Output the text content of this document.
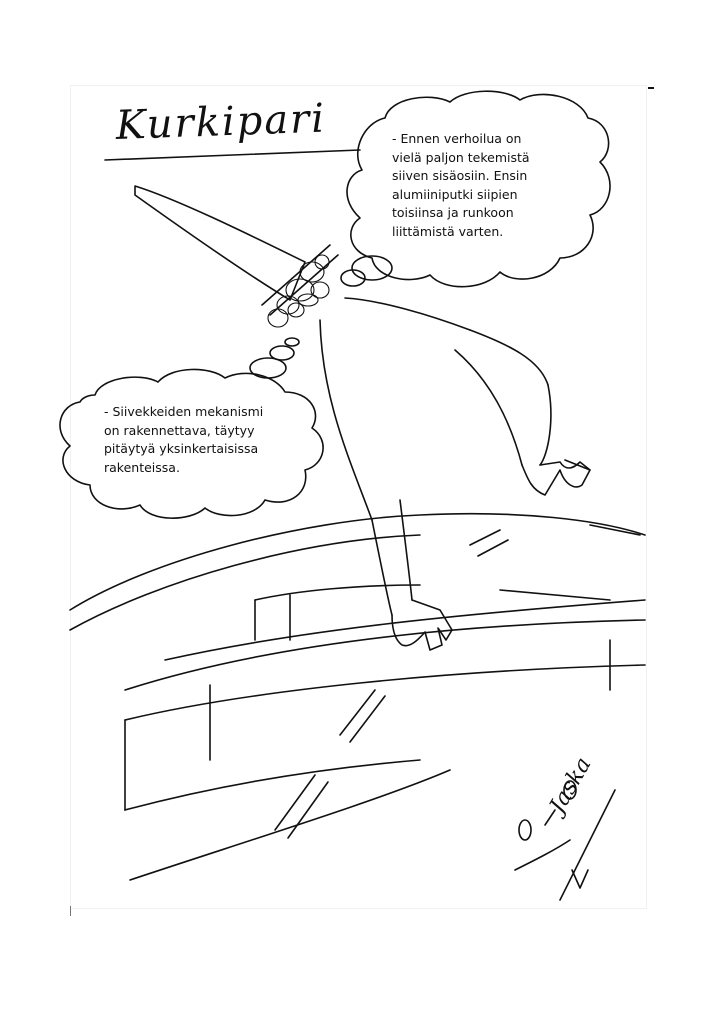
Kurkipari	- Ennen verhoilua on
vielä paljon tekemistä
siiven sisäosiin. Ensin
alumiiniputki siipien
toisiinsa ja runkoon
liittämistä varten.
- Siivekkeiden mekanismi
on rakennettava, täytyy
pitäytyä yksinkertaisissa
rakenteissa.
Jaska
